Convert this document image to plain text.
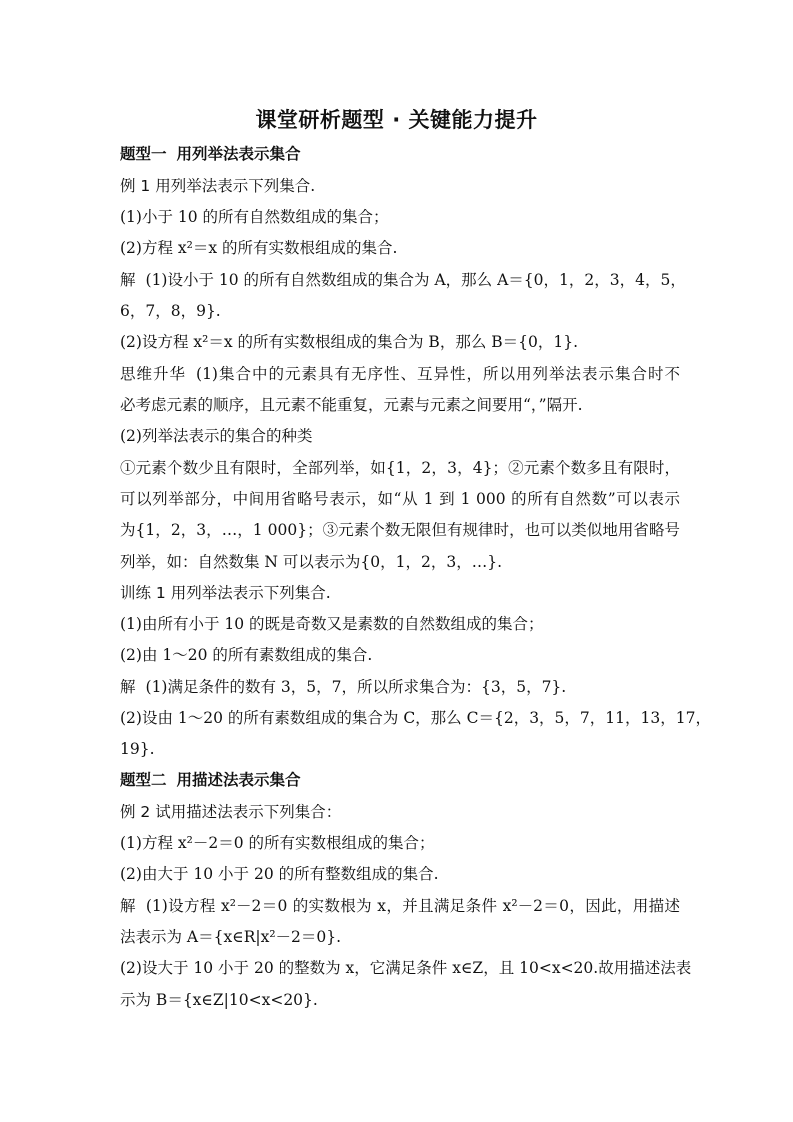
课堂研析题型 · 关键能力提升
题型一 用列举法表示集合
例 1 用列举法表示下列集合.
(1)小于 10 的所有自然数组成的集合；
(2)方程 x²＝x 的所有实数根组成的集合.
解 (1)设小于 10 的所有自然数组成的集合为 A，那么 A＝{0，1，2，3，4，5，
6，7，8，9}.
(2)设方程 x²＝x 的所有实数根组成的集合为 B，那么 B＝{0，1}.
思维升华 (1)集合中的元素具有无序性、互异性，所以用列举法表示集合时不
必考虑元素的顺序，且元素不能重复，元素与元素之间要用“，”隔开.
(2)列举法表示的集合的种类
①元素个数少且有限时，全部列举，如{1，2，3，4}；②元素个数多且有限时，
可以列举部分，中间用省略号表示，如“从 1 到 1 000 的所有自然数”可以表示
为{1，2，3，…，1 000}；③元素个数无限但有规律时，也可以类似地用省略号
列举，如：自然数集 N 可以表示为{0，1，2，3，…}.
训练 1 用列举法表示下列集合.
(1)由所有小于 10 的既是奇数又是素数的自然数组成的集合；
(2)由 1～20 的所有素数组成的集合.
解 (1)满足条件的数有 3，5，7，所以所求集合为：{3，5，7}.
(2)设由 1～20 的所有素数组成的集合为 C，那么 C＝{2，3，5，7，11，13，17，
19}.
题型二 用描述法表示集合
例 2 试用描述法表示下列集合：
(1)方程 x²－2＝0 的所有实数根组成的集合；
(2)由大于 10 小于 20 的所有整数组成的集合.
解 (1)设方程 x²－2＝0 的实数根为 x，并且满足条件 x²－2＝0，因此，用描述
法表示为 A＝{x∈R|x²－2＝0}.
(2)设大于 10 小于 20 的整数为 x，它满足条件 x∈Z，且 10<x<20.故用描述法表
示为 B＝{x∈Z|10<x<20}.
